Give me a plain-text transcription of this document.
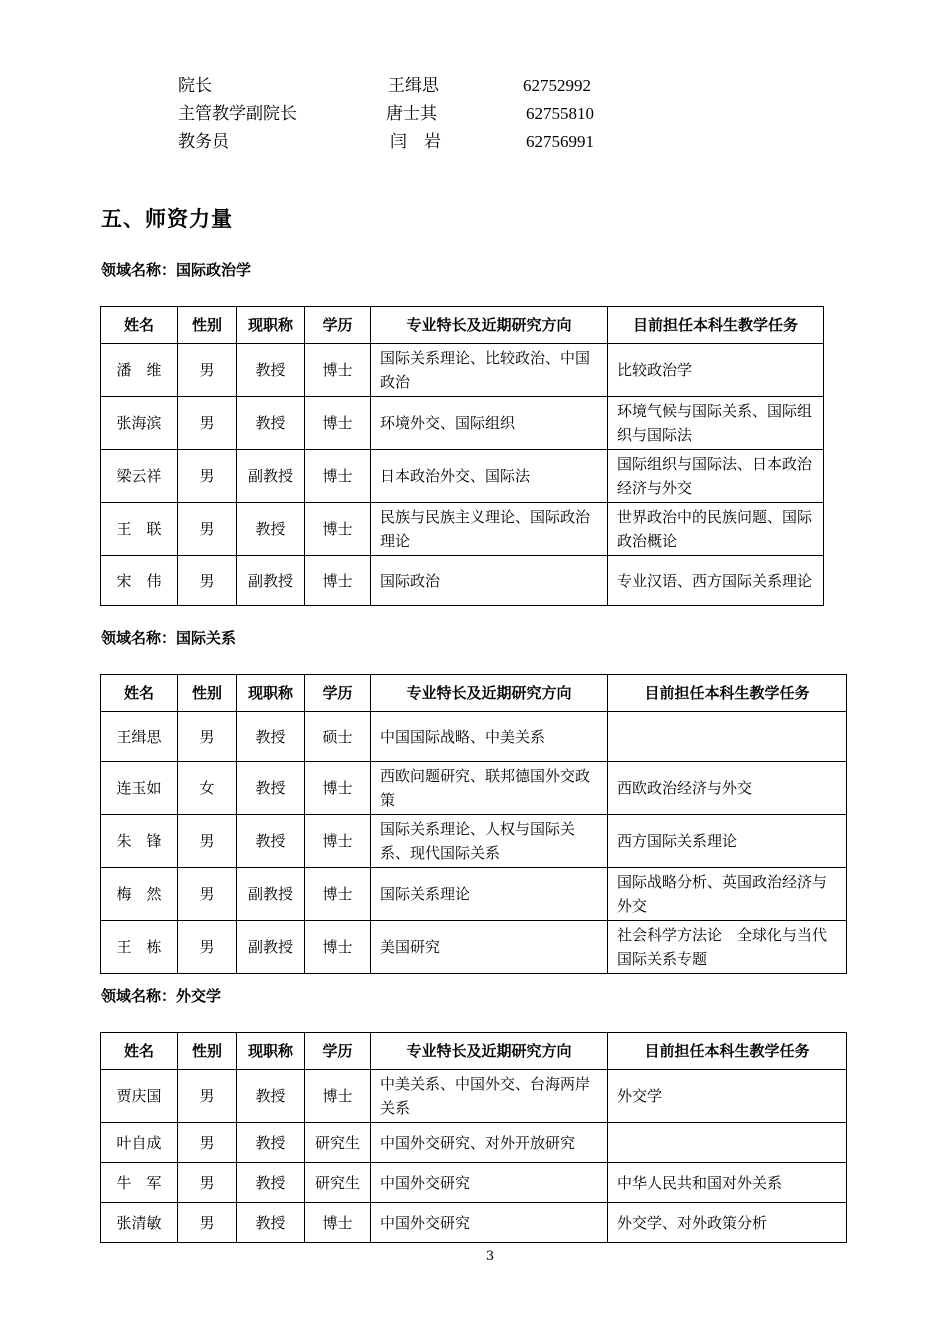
院长	王缉思	62752992
主管教学副院长	唐士其	62755810
教务员	闫　岩	62756991
五、师资力量
领域名称：国际政治学
姓名	性别	现职称	学历	专业特长及近期研究方向	目前担任本科生教学任务
潘　维	男	教授	博士	国际关系理论、比较政治、中国政治	比较政治学
张海滨	男	教授	博士	环境外交、国际组织	环境气候与国际关系、国际组织与国际法
梁云祥	男	副教授	博士	日本政治外交、国际法	国际组织与国际法、日本政治经济与外交
王　联	男	教授	博士	民族与民族主义理论、国际政治理论	世界政治中的民族问题、国际政治概论
宋　伟	男	副教授	博士	国际政治	专业汉语、西方国际关系理论
领域名称：国际关系
姓名	性别	现职称	学历	专业特长及近期研究方向	目前担任本科生教学任务
王缉思	男	教授	硕士	中国国际战略、中美关系	
连玉如	女	教授	博士	西欧问题研究、联邦德国外交政策	西欧政治经济与外交
朱　锋	男	教授	博士	国际关系理论、人权与国际关系、现代国际关系	西方国际关系理论
梅　然	男	副教授	博士	国际关系理论	国际战略分析、英国政治经济与外交
王　栋	男	副教授	博士	美国研究	社会科学方法论　全球化与当代国际关系专题
领域名称：外交学
姓名	性别	现职称	学历	专业特长及近期研究方向	目前担任本科生教学任务
贾庆国	男	教授	博士	中美关系、中国外交、台海两岸关系	外交学
叶自成	男	教授	研究生	中国外交研究、对外开放研究	
牛　军	男	教授	研究生	中国外交研究	中华人民共和国对外关系
张清敏	男	教授	博士	中国外交研究	外交学、对外政策分析
3
